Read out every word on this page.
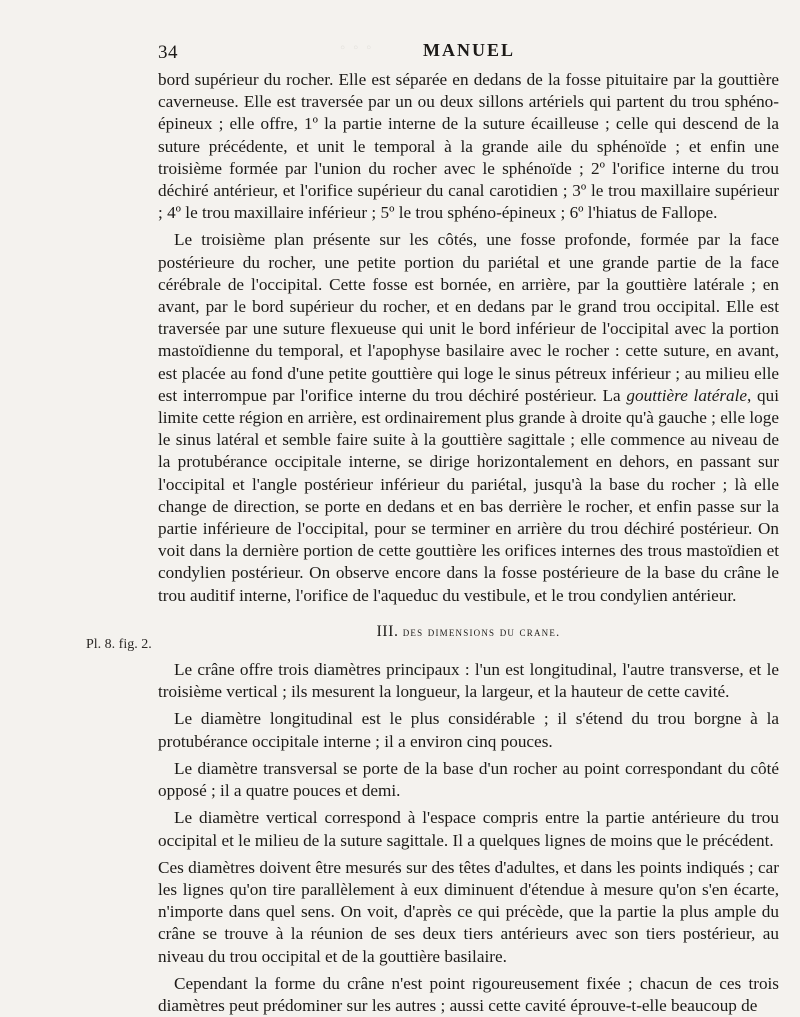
◦ ◦ ◦
34	MANUEL
Pl. 8. fig. 2.

bord supérieur du rocher. Elle est séparée en dedans de la fosse pituitaire par la gouttière caverneuse. Elle est traversée par un ou deux sillons artériels qui partent du trou sphéno-épineux ; elle offre, 1º la partie interne de la suture écailleuse ; celle qui descend de la suture précédente, et unit le temporal à la grande aile du sphénoïde ; et enfin une troisième formée par l'union du rocher avec le sphénoïde ; 2º l'orifice interne du trou déchiré antérieur, et l'orifice supérieur du canal carotidien ; 3º le trou maxillaire supérieur ; 4º le trou maxillaire inférieur ; 5º le trou sphéno-épineux ; 6º l'hiatus de Fallope.

Le troisième plan présente sur les côtés, une fosse profonde, formée par la face postérieure du rocher, une petite portion du pariétal et une grande partie de la face cérébrale de l'occipital. Cette fosse est bornée, en arrière, par la gouttière latérale ; en avant, par le bord supérieur du rocher, et en dedans par le grand trou occipital. Elle est traversée par une suture flexueuse qui unit le bord inférieur de l'occipital avec la portion mastoïdienne du temporal, et l'apophyse basilaire avec le rocher : cette suture, en avant, est placée au fond d'une petite gouttière qui loge le sinus pétreux inférieur ; au milieu elle est interrompue par l'orifice interne du trou déchiré postérieur. La gouttière latérale, qui limite cette région en arrière, est ordinairement plus grande à droite qu'à gauche ; elle loge le sinus latéral et semble faire suite à la gouttière sagittale ; elle commence au niveau de la protubérance occipitale interne, se dirige horizontalement en dehors, en passant sur l'occipital et l'angle postérieur inférieur du pariétal, jusqu'à la base du rocher ; là elle change de direction, se porte en dedans et en bas derrière le rocher, et enfin passe sur la partie inférieure de l'occipital, pour se terminer en arrière du trou déchiré postérieur. On voit dans la dernière portion de cette gouttière les orifices internes des trous mastoïdien et condylien postérieur. On observe encore dans la fosse postérieure de la base du crâne le trou auditif interne, l'orifice de l'aqueduc du vestibule, et le trou condylien antérieur.

III. des dimensions du crane.

Le crâne offre trois diamètres principaux : l'un est longitudinal, l'autre transverse, et le troisième vertical ; ils mesurent la longueur, la largeur, et la hauteur de cette cavité.

Le diamètre longitudinal est le plus considérable ; il s'étend du trou borgne à la protubérance occipitale interne ; il a environ cinq pouces.

Le diamètre transversal se porte de la base d'un rocher au point correspondant du côté opposé ; il a quatre pouces et demi.

Le diamètre vertical correspond à l'espace compris entre la partie antérieure du trou occipital et le milieu de la suture sagittale. Il a quelques lignes de moins que le précédent.

Ces diamètres doivent être mesurés sur des têtes d'adultes, et dans les points indiqués ; car les lignes qu'on tire parallèlement à eux diminuent d'étendue à mesure qu'on s'en écarte, n'importe dans quel sens. On voit, d'après ce qui précède, que la partie la plus ample du crâne se trouve à la réunion de ses deux tiers antérieurs avec son tiers postérieur, au niveau du trou occipital et de la gouttière basilaire.

Cependant la forme du crâne n'est point rigoureusement fixée ; chacun de ces trois diamètres peut prédominer sur les autres ; aussi cette cavité éprouve-t-elle beaucoup de
